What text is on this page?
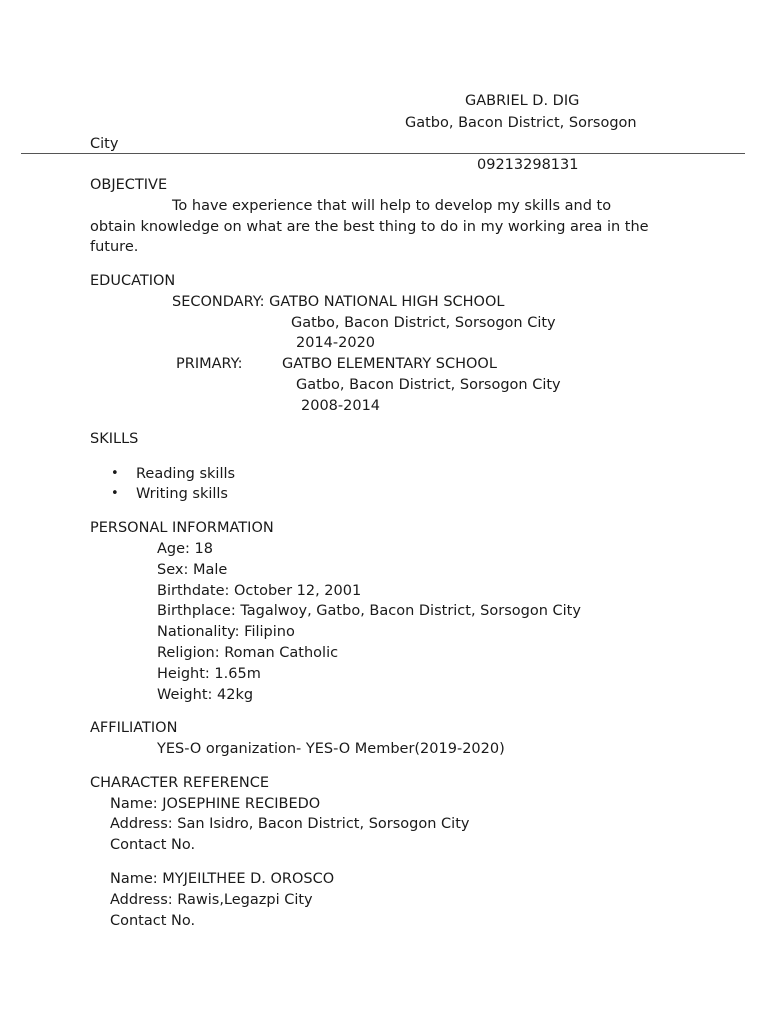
GABRIEL D. DIG
Gatbo, Bacon District, Sorsogon
City
09213298131
OBJECTIVE
To have experience that will help to develop my skills and to
obtain knowledge on what are the best thing to do in my working area in the
future.
EDUCATION
SECONDARY: GATBO NATIONAL HIGH SCHOOL
Gatbo, Bacon District, Sorsogon City
2014-2020
PRIMARY:	GATBO ELEMENTARY SCHOOL
Gatbo, Bacon District, Sorsogon City
2008-2014
SKILLS
• Reading skills
• Writing skills
PERSONAL INFORMATION
Age: 18
Sex: Male
Birthdate: October 12, 2001
Birthplace: Tagalwoy, Gatbo, Bacon District, Sorsogon City
Nationality: Filipino
Religion: Roman Catholic
Height: 1.65m
Weight: 42kg
AFFILIATION
YES-O organization- YES-O Member(2019-2020)
CHARACTER REFERENCE
Name: JOSEPHINE RECIBEDO
Address: San Isidro, Bacon District, Sorsogon City
Contact No.
Name: MYJEILTHEE D. OROSCO
Address: Rawis,Legazpi City
Contact No.
